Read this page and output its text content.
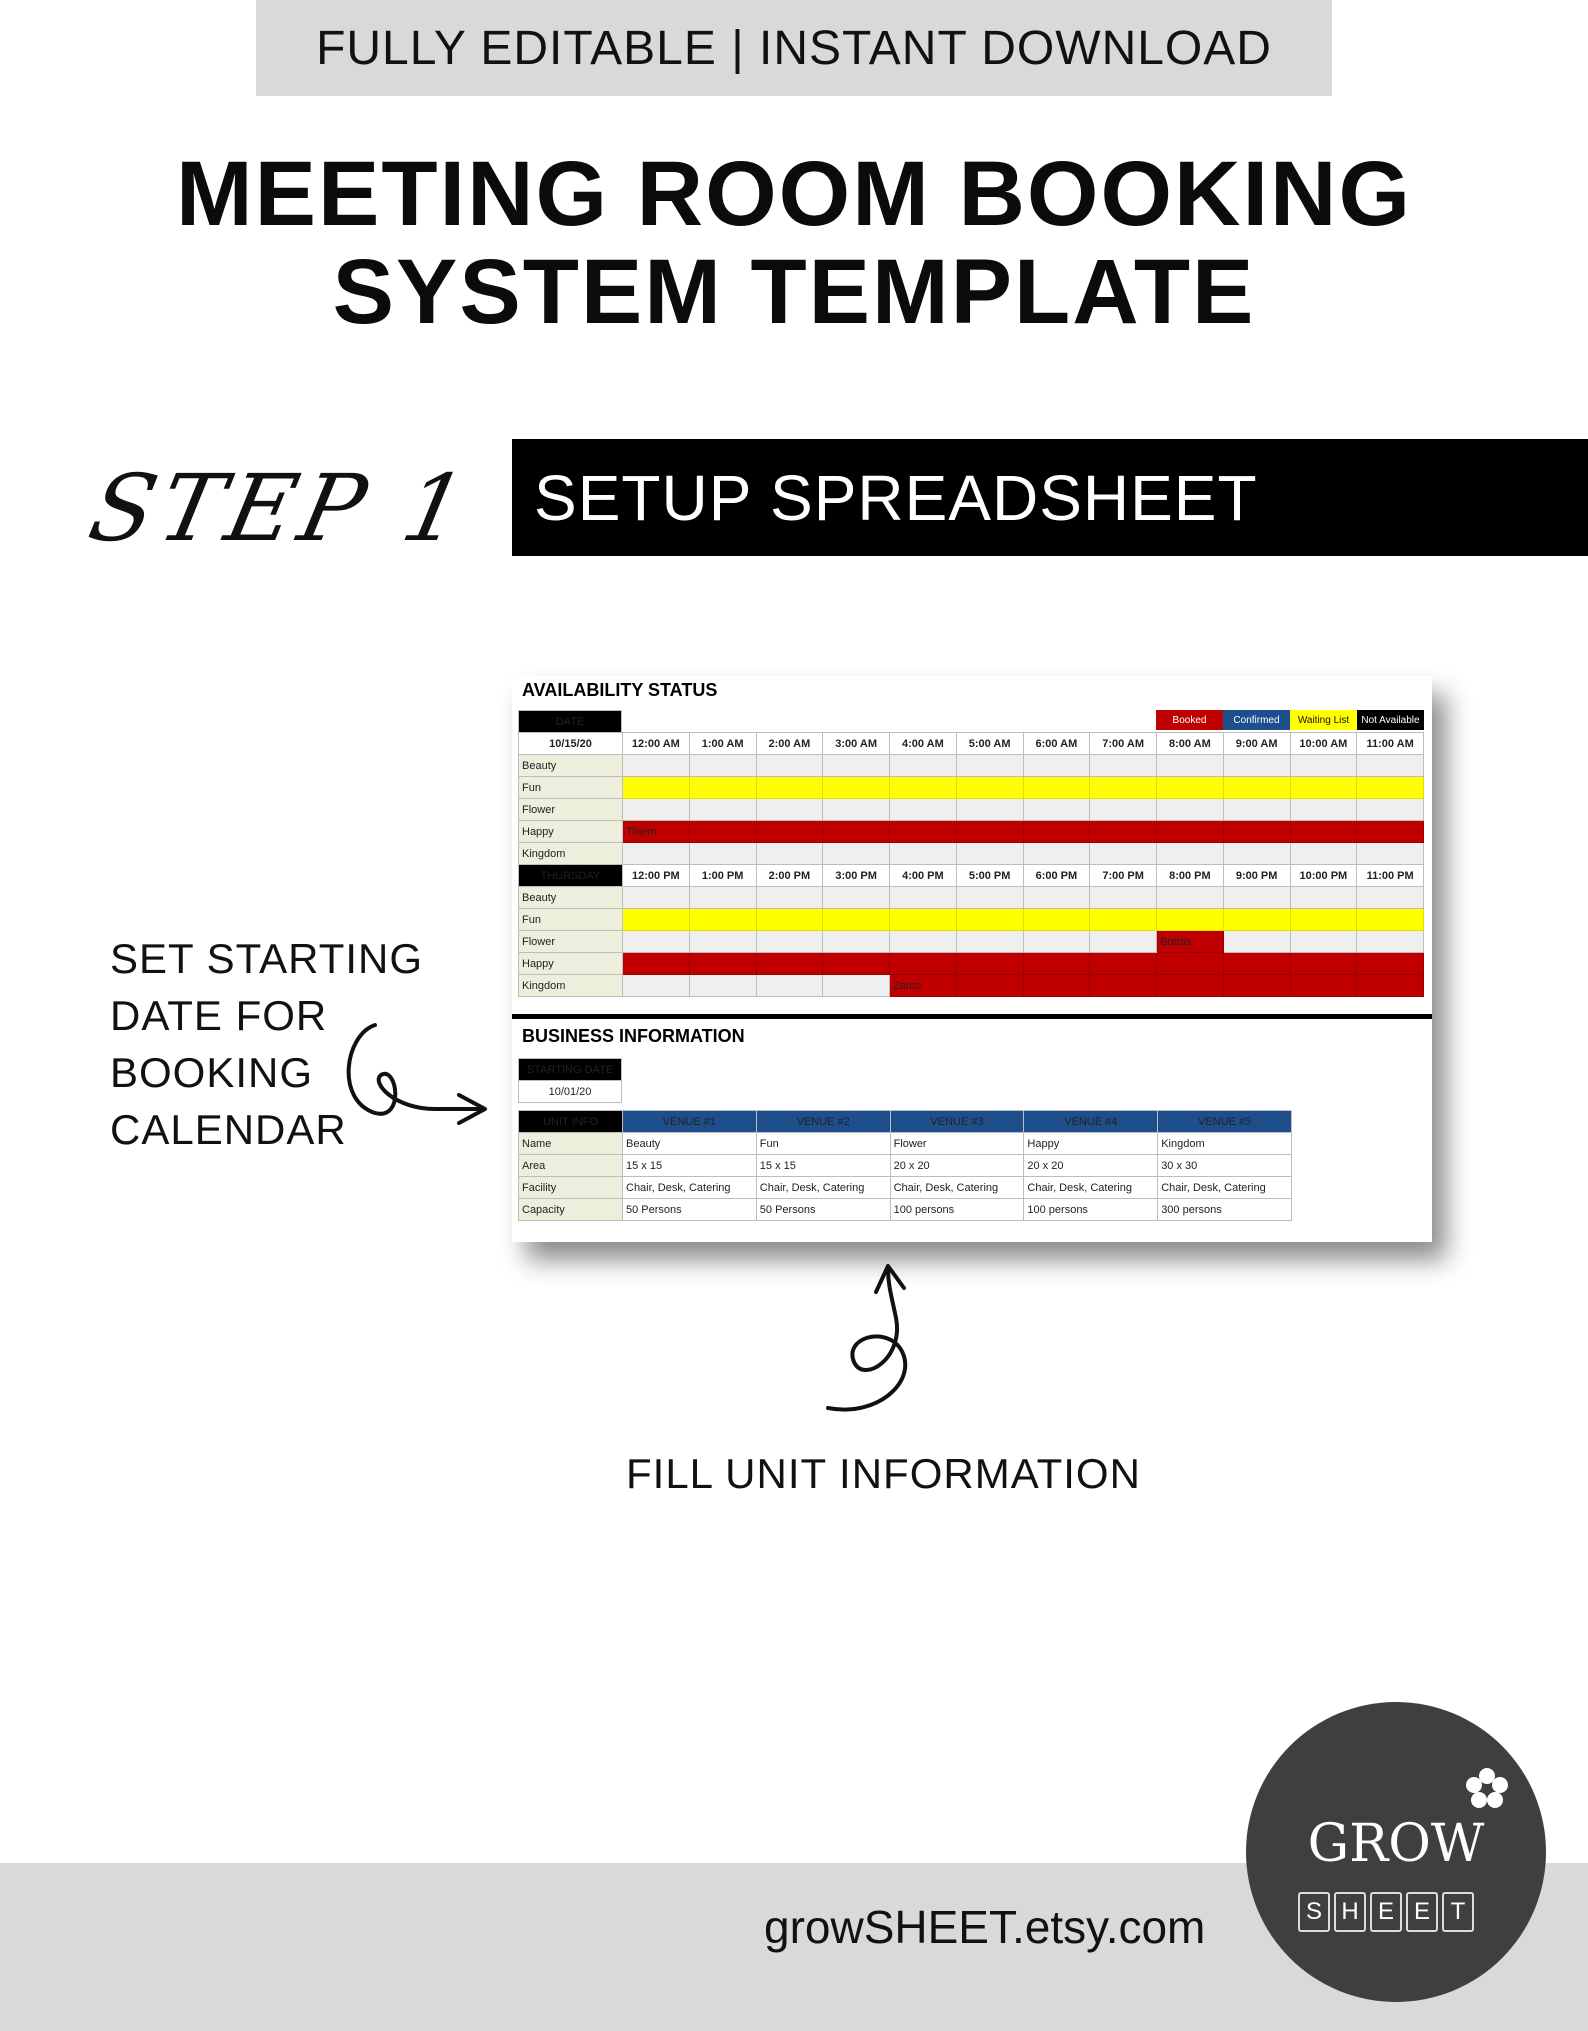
FULLY EDITABLE | INSTANT DOWNLOAD
MEETING ROOM BOOKING
SYSTEM TEMPLATE
STEP 1 SETUP SPREADSHEET
SET STARTING
DATE FOR
BOOKING
CALENDAR
AVAILABILITY STATUS
Booked	Confirmed	Waiting List	Not Available
DATE
10/15/20	12:00 AM	1:00 AM	2:00 AM	3:00 AM	4:00 AM	5:00 AM	6:00 AM	7:00 AM	8:00 AM	9:00 AM	10:00 AM	11:00 AM
Beauty												
Fun												
Flower												
Happy	Thiem											
Kingdom												
THURSDAY	12:00 PM	1:00 PM	2:00 PM	3:00 PM	4:00 PM	5:00 PM	6:00 PM	7:00 PM	8:00 PM	9:00 PM	10:00 PM	11:00 PM
Beauty												
Fun												
Flower									Bottas			
Happy												
Kingdom					Zarco							
BUSINESS INFORMATION
STARTING DATE
10/01/20
UNIT INFO	VENUE #1	VENUE #2	VENUE #3	VENUE #4	VENUE #5
Name	Beauty	Fun	Flower	Happy	Kingdom
Area	15 x 15	15 x 15	20 x 20	20 x 20	30 x 30
Facility	Chair, Desk, Catering	Chair, Desk, Catering	Chair, Desk, Catering	Chair, Desk, Catering	Chair, Desk, Catering
Capacity	50 Persons	50 Persons	100 persons	100 persons	300 persons
FILL UNIT INFORMATION
growSHEET.etsy.com
GROW
S H E E T
